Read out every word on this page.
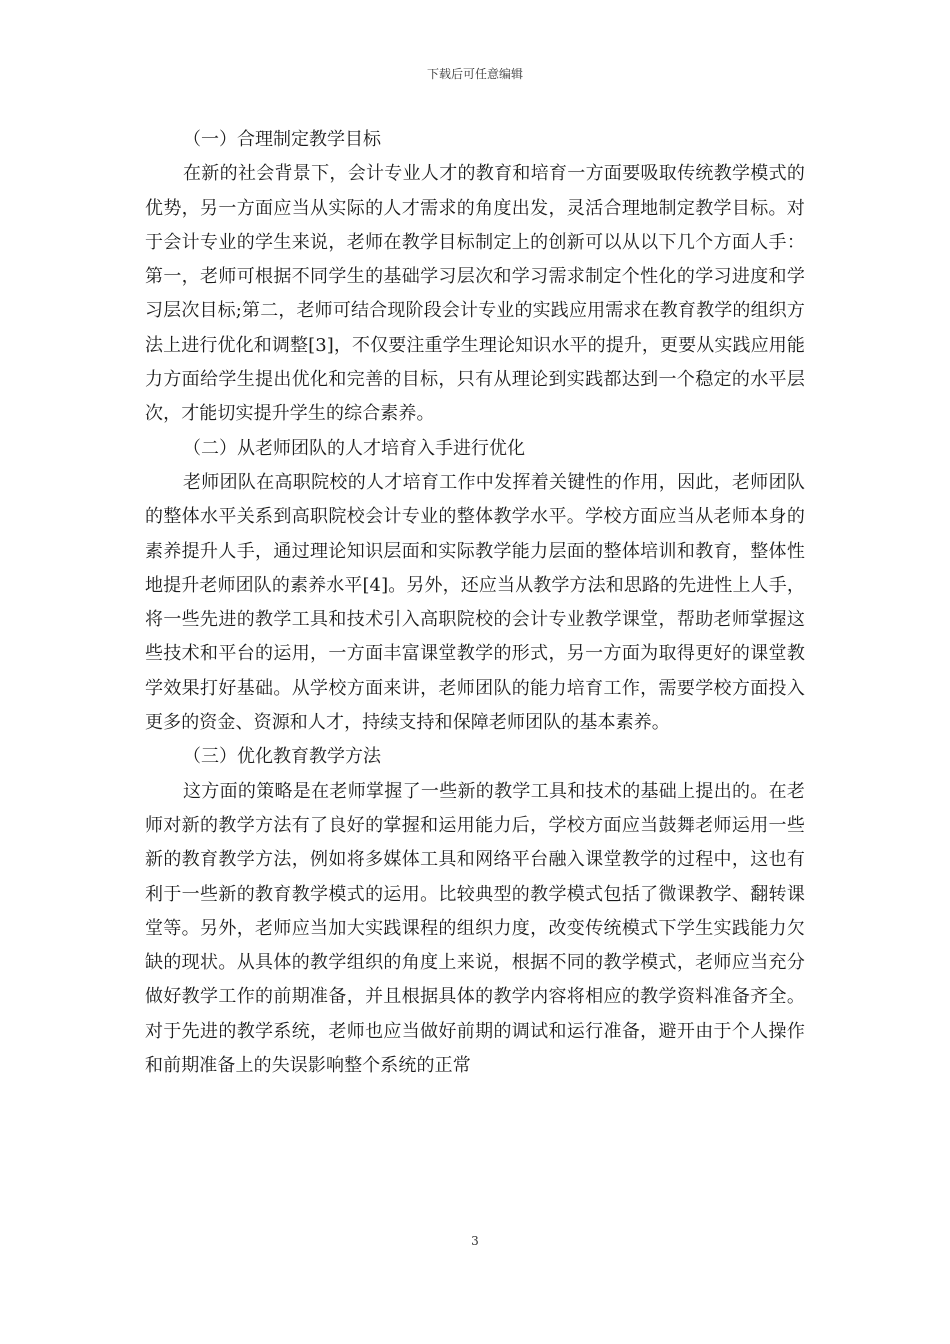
下载后可任意编辑
（一）合理制定教学目标

在新的社会背景下，会计专业人才的教育和培育一方面要吸取传统教学模式的优势，另一方面应当从实际的人才需求的角度出发，灵活合理地制定教学目标。对于会计专业的学生来说，老师在教学目标制定上的创新可以从以下几个方面人手：第一，老师可根据不同学生的基础学习层次和学习需求制定个性化的学习进度和学习层次目标;第二，老师可结合现阶段会计专业的实践应用需求在教育教学的组织方法上进行优化和调整[3]，不仅要注重学生理论知识水平的提升，更要从实践应用能力方面给学生提出优化和完善的目标，只有从理论到实践都达到一个稳定的水平层次，才能切实提升学生的综合素养。

（二）从老师团队的人才培育入手进行优化

老师团队在高职院校的人才培育工作中发挥着关键性的作用，因此，老师团队的整体水平关系到高职院校会计专业的整体教学水平。学校方面应当从老师本身的素养提升人手，通过理论知识层面和实际教学能力层面的整体培训和教育，整体性地提升老师团队的素养水平[4]。另外，还应当从教学方法和思路的先进性上人手，将一些先进的教学工具和技术引入高职院校的会计专业教学课堂，帮助老师掌握这些技术和平台的运用，一方面丰富课堂教学的形式，另一方面为取得更好的课堂教学效果打好基础。从学校方面来讲，老师团队的能力培育工作，需要学校方面投入更多的资金、资源和人才，持续支持和保障老师团队的基本素养。

（三）优化教育教学方法

这方面的策略是在老师掌握了一些新的教学工具和技术的基础上提出的。在老师对新的教学方法有了良好的掌握和运用能力后，学校方面应当鼓舞老师运用一些新的教育教学方法，例如将多媒体工具和网络平台融入课堂教学的过程中，这也有利于一些新的教育教学模式的运用。比较典型的教学模式包括了微课教学、翻转课堂等。另外，老师应当加大实践课程的组织力度，改变传统模式下学生实践能力欠缺的现状。从具体的教学组织的角度上来说，根据不同的教学模式，老师应当充分做好教学工作的前期准备，并且根据具体的教学内容将相应的教学资料准备齐全。对于先进的教学系统，老师也应当做好前期的调试和运行准备，避开由于个人操作和前期准备上的失误影响整个系统的正常

3
